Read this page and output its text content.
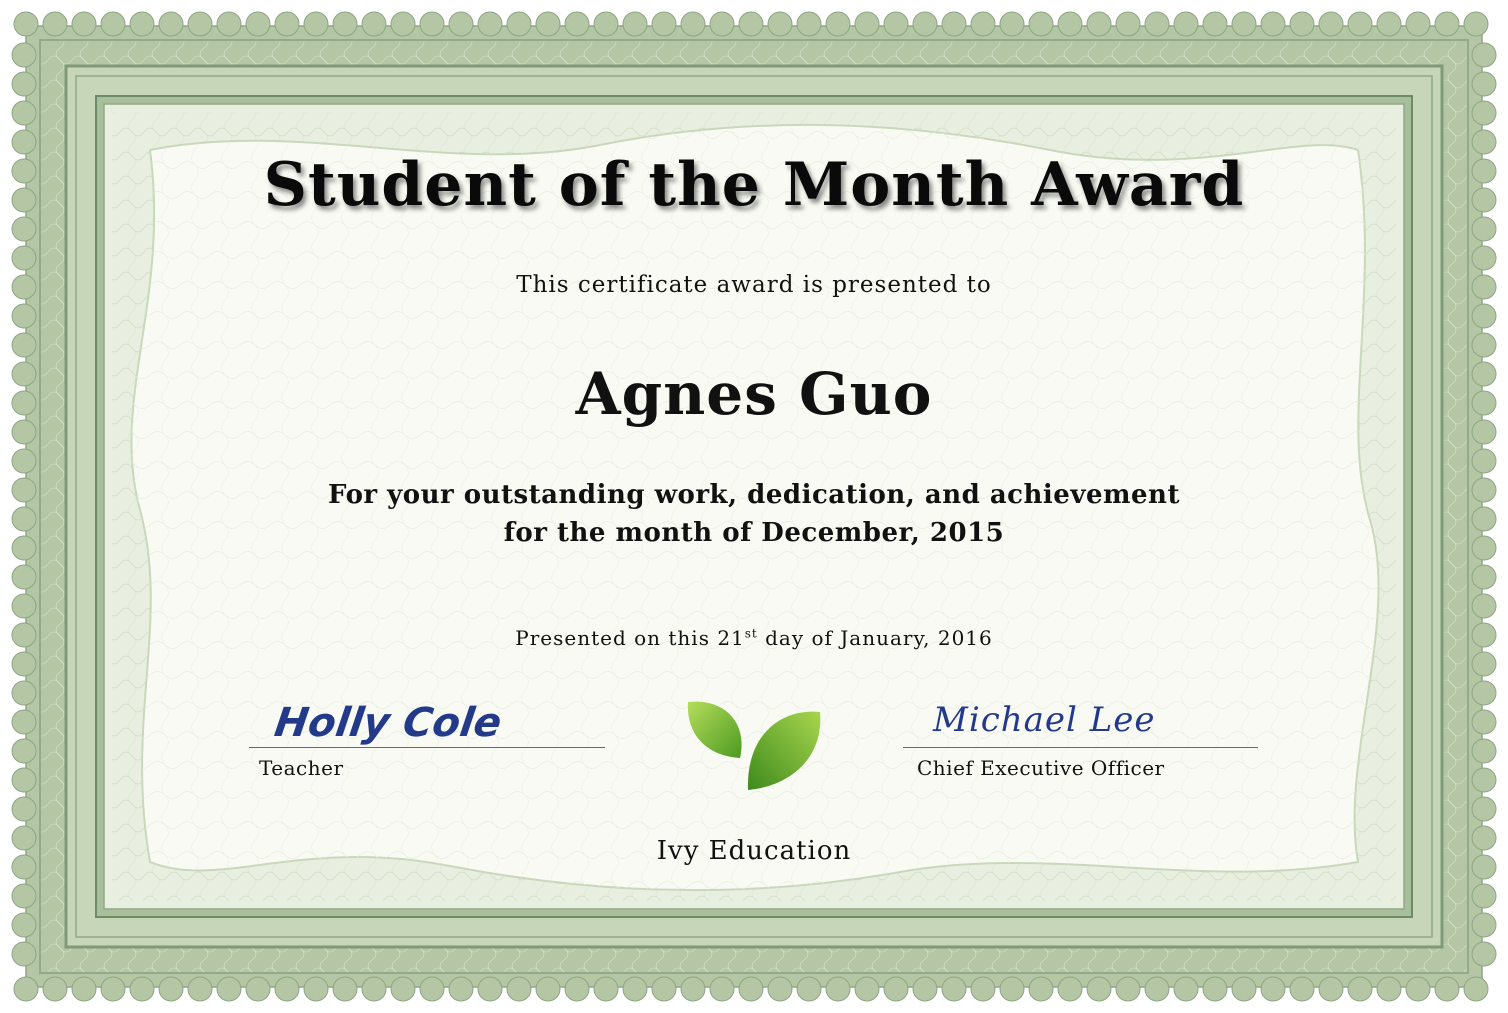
Student of the Month Award
This certificate award is presented to
Agnes Guo
For your outstanding work, dedication, and achievement
for the month of December, 2015
Presented on this 21st day of January, 2016
Holly Cole
Teacher
Michael Lee
Chief Executive Officer
Ivy Education
